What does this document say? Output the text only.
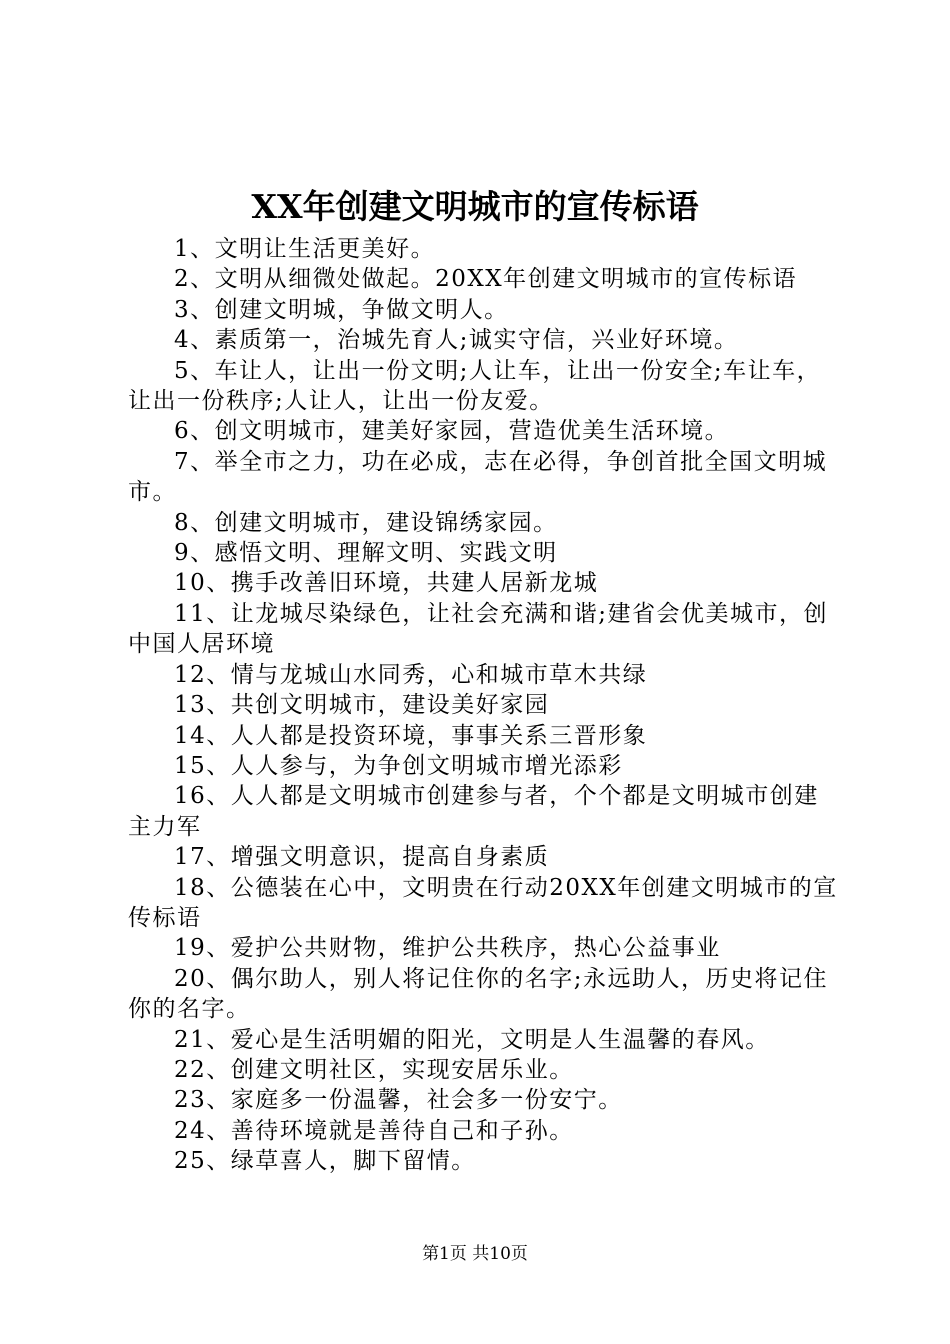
XX年创建文明城市的宣传标语

1、文明让生活更美好。

2、文明从细微处做起。20XX年创建文明城市的宣传标语

3、创建文明城，争做文明人。

4、素质第一，治城先育人;诚实守信，兴业好环境。

5、车让人，让出一份文明;人让车，让出一份安全;车让车，让出一份秩序;人让人，让出一份友爱。

6、创文明城市，建美好家园，营造优美生活环境。

7、举全市之力，功在必成，志在必得，争创首批全国文明城市。

8、创建文明城市，建设锦绣家园。

9、感悟文明、理解文明、实践文明

10、携手改善旧环境，共建人居新龙城

11、让龙城尽染绿色，让社会充满和谐;建省会优美城市，创中国人居环境

12、情与龙城山水同秀，心和城市草木共绿

13、共创文明城市，建设美好家园

14、人人都是投资环境，事事关系三晋形象

15、人人参与，为争创文明城市增光添彩

16、人人都是文明城市创建参与者，个个都是文明城市创建主力军

17、增强文明意识，提高自身素质

18、公德装在心中，文明贵在行动20XX年创建文明城市的宣传标语

19、爱护公共财物，维护公共秩序，热心公益事业

20、偶尔助人，别人将记住你的名字;永远助人，历史将记住你的名字。

21、爱心是生活明媚的阳光，文明是人生温馨的春风。

22、创建文明社区，实现安居乐业。

23、家庭多一份温馨，社会多一份安宁。

24、善待环境就是善待自己和子孙。

25、绿草喜人，脚下留情。

第1页 共10页
